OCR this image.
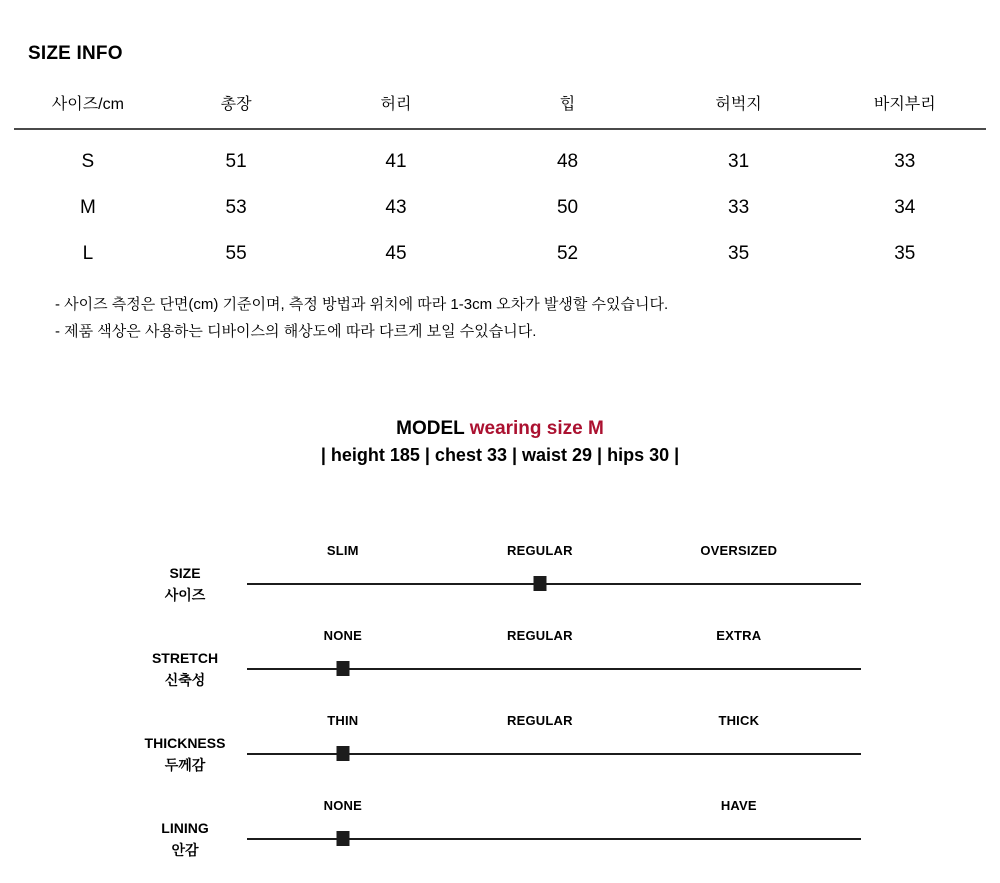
SIZE INFO
사이즈/cm	총장	허리	힙	허벅지	바지부리
S	51	41	48	31	33
M	53	43	50	33	34
L	55	45	52	35	35
- 사이즈 측정은 단면(cm) 기준이며, 측정 방법과 위치에 따라 1-3cm 오차가 발생할 수있습니다.
- 제품 색상은 사용하는 디바이스의 해상도에 따라 다르게 보일 수있습니다.
MODEL wearing size M
| height 185 | chest 33 | waist 29 | hips 30 |
SIZE
사이즈
SLIM	REGULAR	OVERSIZED
STRETCH
신축성
NONE	REGULAR	EXTRA
THICKNESS
두께감
THIN	REGULAR	THICK
LINING
안감
NONE	HAVE
